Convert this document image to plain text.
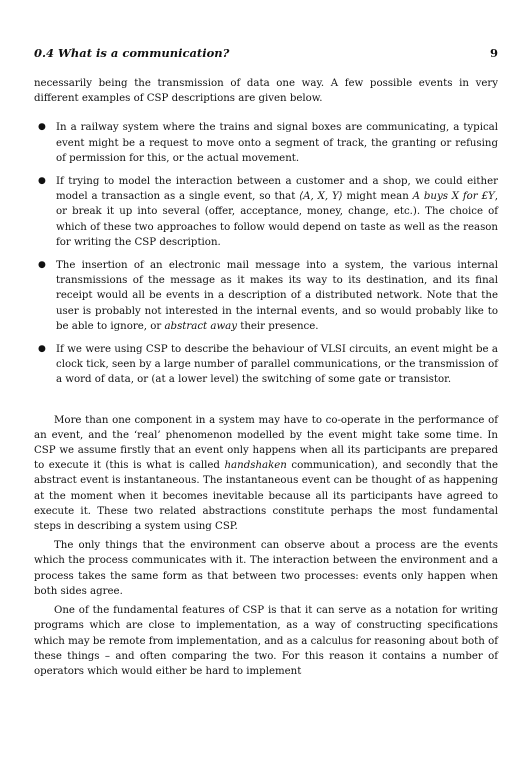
0.4 What is a communication?	9

necessarily being the transmission of data one way. A few possible events in very different examples of CSP descriptions are given below.

● In a railway system where the trains and signal boxes are communicating, a typical event might be a request to move onto a segment of track, the granting or refusing of permission for this, or the actual movement.
● If trying to model the interaction between a customer and a shop, we could either model a transaction as a single event, so that ⟨A, X, Y⟩ might mean A buys X for £Y, or break it up into several (offer, acceptance, money, change, etc.). The choice of which of these two approaches to follow would depend on taste as well as the reason for writing the CSP description.
● The insertion of an electronic mail message into a system, the various internal transmissions of the message as it makes its way to its destination, and its final receipt would all be events in a description of a distributed network. Note that the user is probably not interested in the internal events, and so would probably like to be able to ignore, or abstract away their presence.
● If we were using CSP to describe the behaviour of VLSI circuits, an event might be a clock tick, seen by a large number of parallel communications, or the transmission of a word of data, or (at a lower level) the switching of some gate or transistor.

More than one component in a system may have to co-operate in the performance of an event, and the ‘real’ phenomenon modelled by the event might take some time. In CSP we assume firstly that an event only happens when all its participants are prepared to execute it (this is what is called handshaken communication), and secondly that the abstract event is instantaneous. The instantaneous event can be thought of as happening at the moment when it becomes inevitable because all its participants have agreed to execute it. These two related abstractions constitute perhaps the most fundamental steps in describing a system using CSP.

The only things that the environment can observe about a process are the events which the process communicates with it. The interaction between the environment and a process takes the same form as that between two processes: events only happen when both sides agree.

One of the fundamental features of CSP is that it can serve as a notation for writing programs which are close to implementation, as a way of constructing specifications which may be remote from implementation, and as a calculus for reasoning about both of these things – and often comparing the two. For this reason it contains a number of operators which would either be hard to implement
